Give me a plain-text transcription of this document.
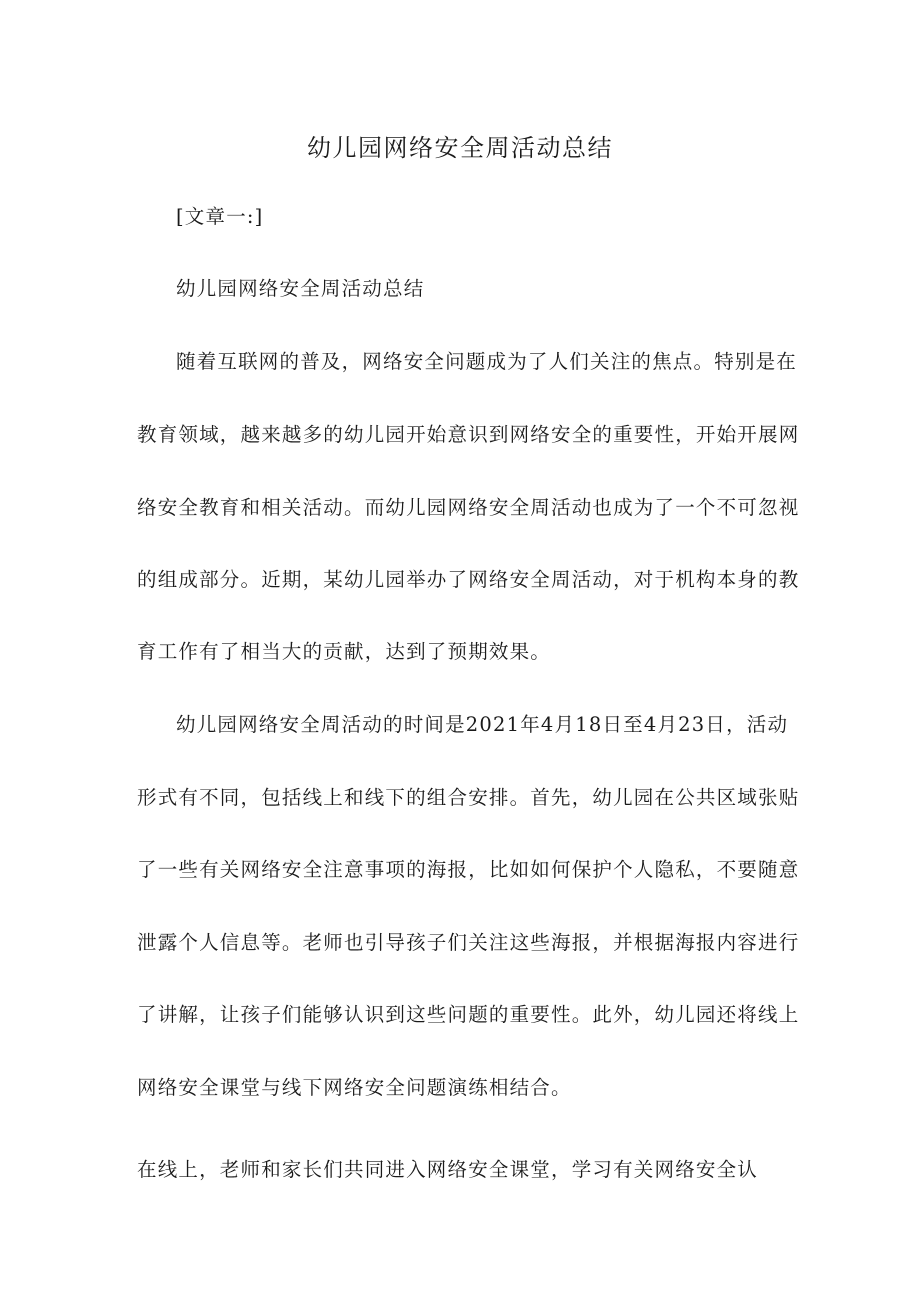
幼儿园网络安全周活动总结
[文章一:]
幼儿园网络安全周活动总结
随着互联网的普及，网络安全问题成为了人们关注的焦点。特别是在
教育领域，越来越多的幼儿园开始意识到网络安全的重要性，开始开展网
络安全教育和相关活动。而幼儿园网络安全周活动也成为了一个不可忽视
的组成部分。近期，某幼儿园举办了网络安全周活动，对于机构本身的教
育工作有了相当大的贡献，达到了预期效果。
幼儿园网络安全周活动的时间是2021年4月18日至4月23日，活动
形式有不同，包括线上和线下的组合安排。首先，幼儿园在公共区域张贴
了一些有关网络安全注意事项的海报，比如如何保护个人隐私，不要随意
泄露个人信息等。老师也引导孩子们关注这些海报，并根据海报内容进行
了讲解，让孩子们能够认识到这些问题的重要性。此外，幼儿园还将线上
网络安全课堂与线下网络安全问题演练相结合。
在线上，老师和家长们共同进入网络安全课堂，学习有关网络安全认
